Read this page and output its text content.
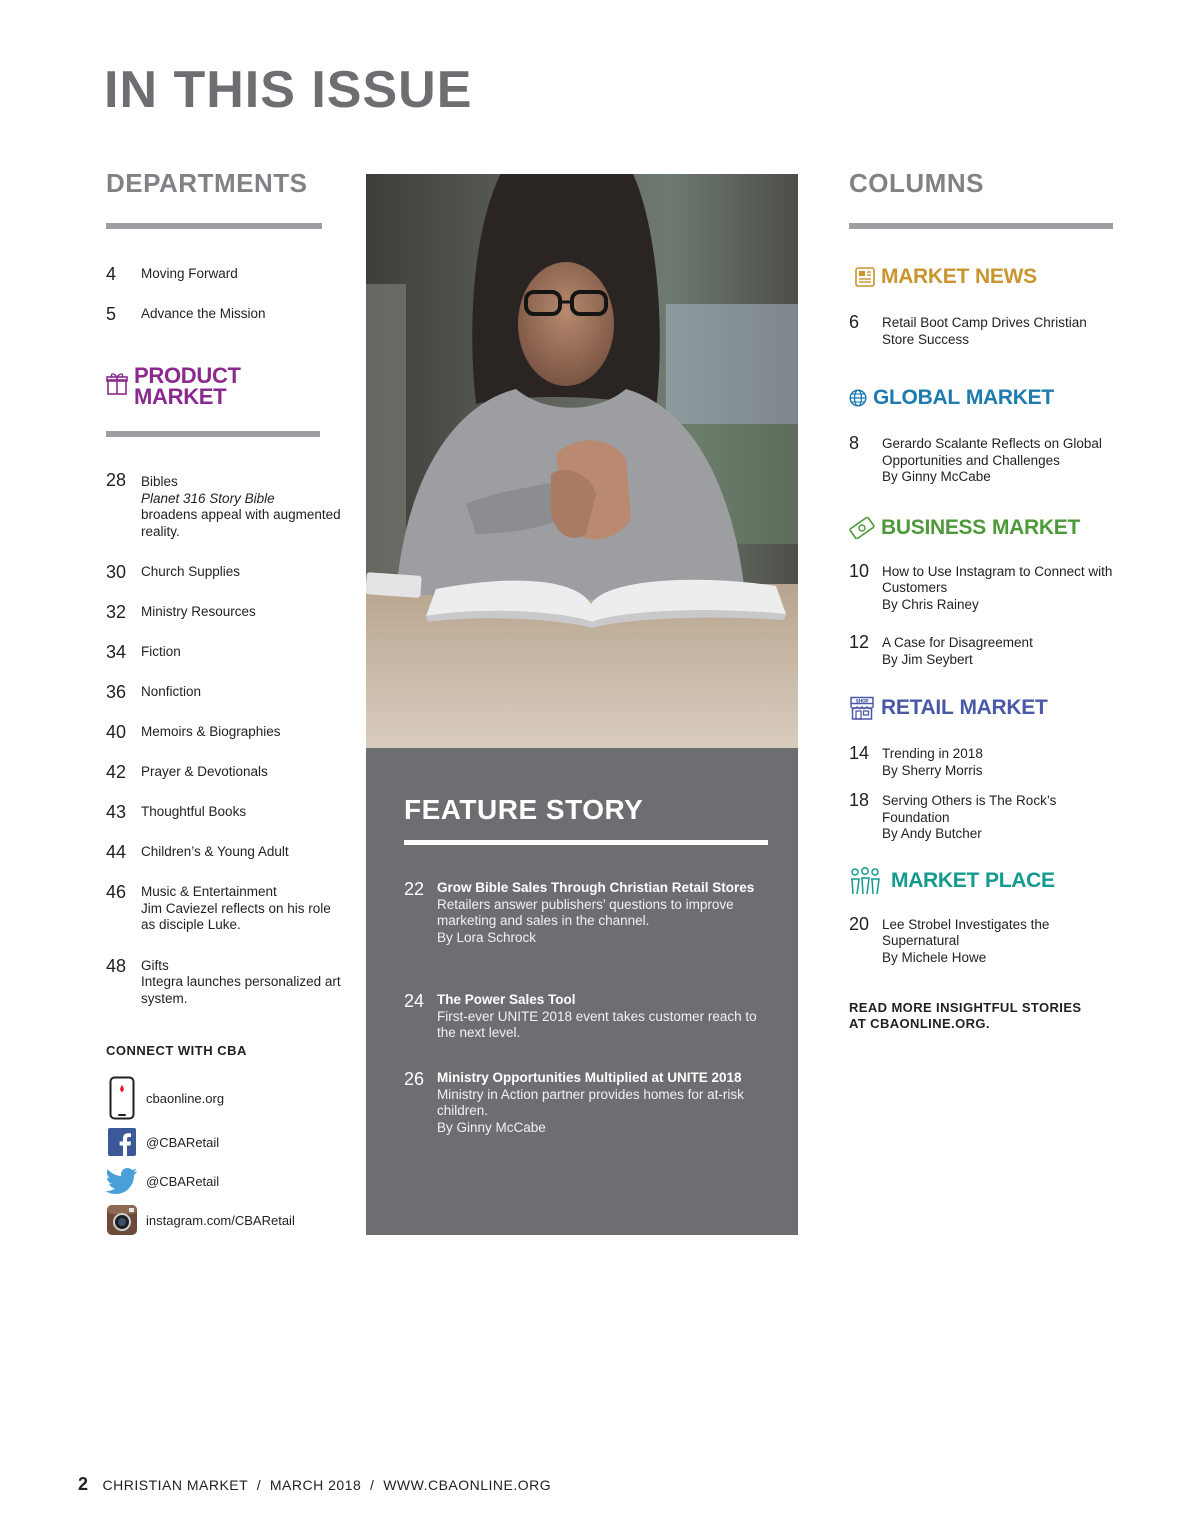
IN THIS ISSUE
DEPARTMENTS
4	Moving Forward
5	Advance the Mission
PRODUCT
MARKET
28	Bibles
Planet 316 Story Bible
broadens appeal with augmented reality.
30	Church Supplies
32	Ministry Resources
34	Fiction
36	Nonfiction
40	Memoirs & Biographies
42	Prayer & Devotionals
43	Thoughtful Books
44	Children’s & Young Adult
46	Music & Entertainment
Jim Caviezel reflects on his role as disciple Luke.
48	Gifts
Integra launches personalized art system.
CONNECT WITH CBA
cbaonline.org
@CBARetail
@CBARetail
instagram.com/CBARetail
FEATURE STORY
22 Grow Bible Sales Through Christian Retail Stores
Retailers answer publishers’ questions to improve marketing and sales in the channel.
By Lora Schrock
24 The Power Sales Tool
First-ever UNITE 2018 event takes customer reach to the next level.
26 Ministry Opportunities Multiplied at UNITE 2018
Ministry in Action partner provides homes for at-risk children.
By Ginny McCabe
COLUMNS
MARKET NEWS
6	Retail Boot Camp Drives Christian Store Success
GLOBAL MARKET
8	Gerardo Scalante Reflects on Global Opportunities and Challenges
By Ginny McCabe
BUSINESS MARKET
10 How to Use Instagram to Connect with Customers
By Chris Rainey
12 A Case for Disagreement
By Jim Seybert
SHOP RETAIL MARKET
14 Trending in 2018
By Sherry Morris
18 Serving Others is The Rock’s Foundation
By Andy Butcher
MARKET PLACE
20 Lee Strobel Investigates the Supernatural
By Michele Howe
READ MORE INSIGHTFUL STORIES AT CBAONLINE.ORG.
2 CHRISTIAN MARKET  /  MARCH 2018  /  WWW.CBAONLINE.ORG
